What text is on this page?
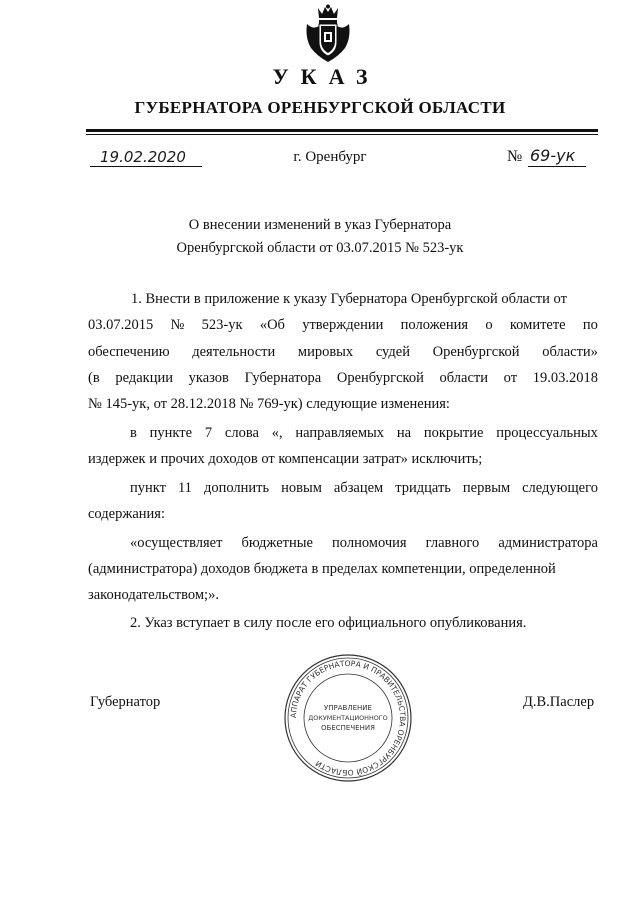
УКАЗ
ГУБЕРНАТОРА ОРЕНБУРГСКОЙ ОБЛАСТИ
19.02.2020	г. Оренбург	№ 69-ук
О внесении изменений в указ Губернатора
Оренбургской области от 03.07.2015 № 523-ук
1. Внести в приложение к указу Губернатора Оренбургской области от
03.07.2015 № 523-ук «Об утверждении положения о комитете по
обеспечению деятельности мировых судей Оренбургской области»
(в редакции указов Губернатора Оренбургской области от 19.03.2018
№ 145-ук, от 28.12.2018 № 769-ук) следующие изменения:
в пункте 7 слова «, направляемых на покрытие процессуальных
издержек и прочих доходов от компенсации затрат» исключить;
пункт 11 дополнить новым абзацем тридцать первым следующего
содержания:
«осуществляет бюджетные полномочия главного администратора
(администратора) доходов бюджета в пределах компетенции, определенной
законодательством;».
2. Указ вступает в силу после его официального опубликования.
Губернатор	Д.В.Паслер
АППАРАТ ГУБЕРНАТОРА И ПРАВИТЕЛЬСТВА ОРЕНБУРГСКОЙ ОБЛАСТИ
УПРАВЛЕНИЕ
ДОКУМЕНТАЦИОННОГО
ОБЕСПЕЧЕНИЯ
